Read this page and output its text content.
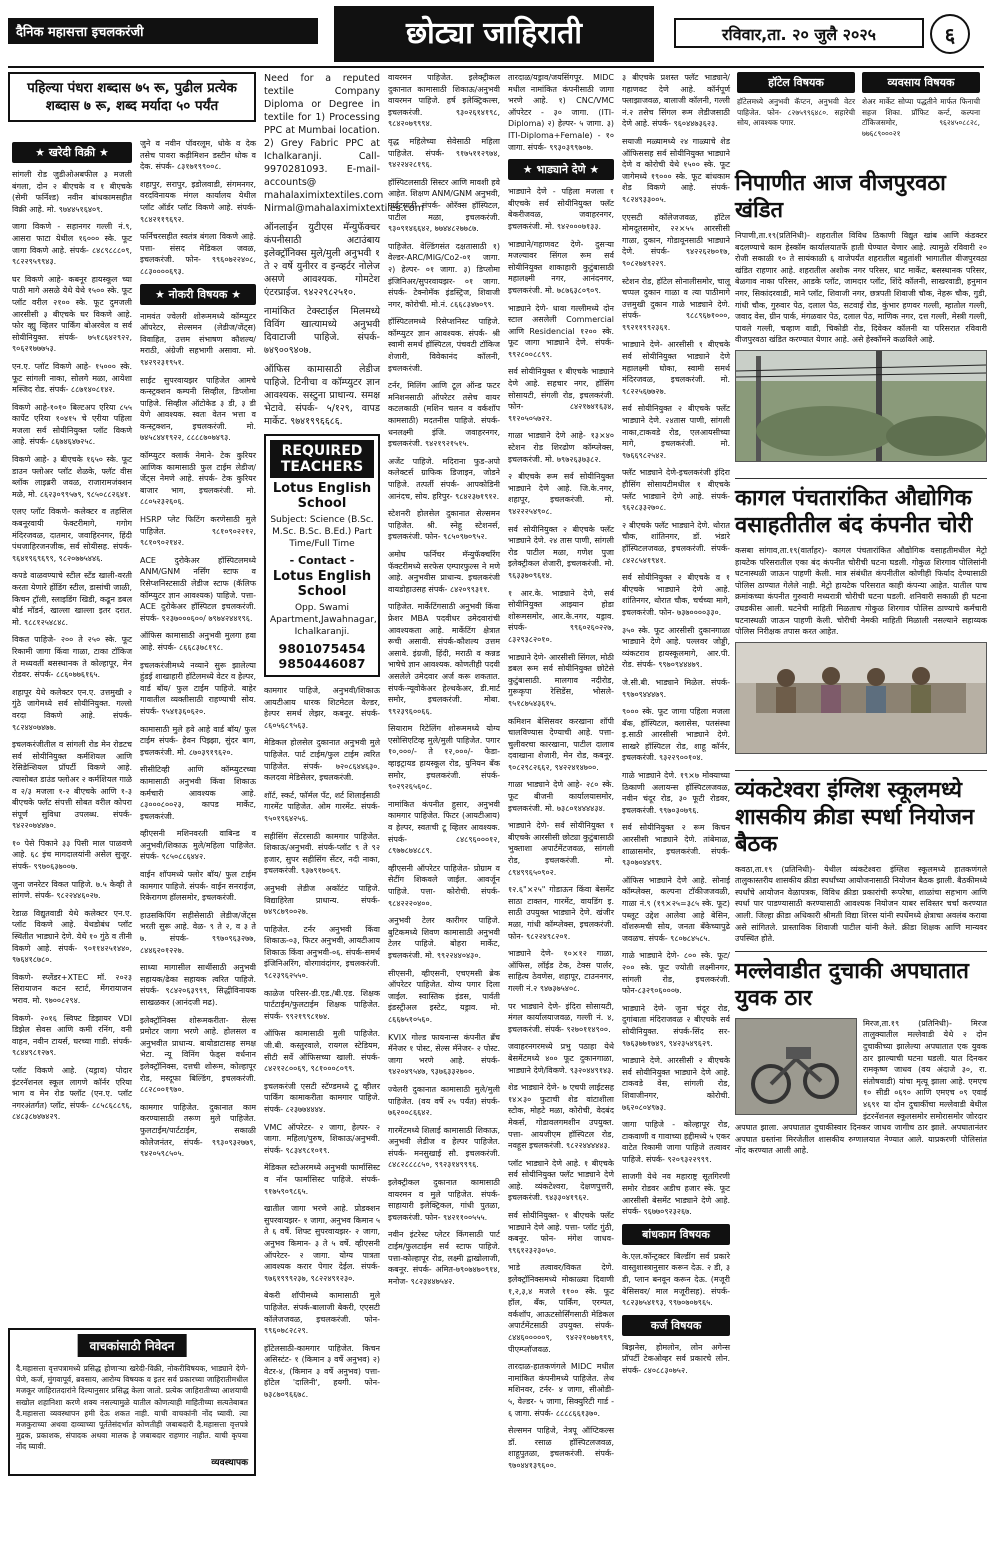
दैनिक महासत्ता इचलकरंजी	छोट्या जाहिराती	रविवार,ता. २० जुलै २०२५	६
★ खरेदी विक्री ★

सांगली रोड जुडीओअबफील ३ मजली बंगला, दोन २ बीएचके व १ बीएचके (सेमी फर्निश्ड) नवीन बांधकामसहीत विक्री आहे. मो. ९७४४५१६४०९.

जागा विकणे - सहानगर गल्ली नं.९, आसरा फाटा येथील १६००० स्के. फूट जागा विकणे आहे. संपर्क- ८४८९८८८०९, ९८२२९५९९४३.

घर विकणे आहे- कबनूर हायस्कूल च्या पाठी मागे असळे येथे येथे १५०० स्के. फूट प्लॉट वरील २१०० स्के. फूट दुमजली आरसीसी ३ बीएचके घर विकणे आहे. फोर व्ह्यु व्हिलर पार्किंग बोअरवेल व सर्व सोयीनियुक्त. संपर्क- ७५१८६४२९२२, ९०६२१७७७५३.

एन.ए. प्लॉट विकणे आहे- १५००० स्के. फूट सांगली नाका, सोलगे मळा, आयेशा मस्जिद रोड. संपर्क- ८८७१४०८१४२.

विकणे आहे-१०१० बिल्टअप एरिया ८५५ कार्पेट एरिया १०४१५ चे एरीया पहिला मजला सर्व सोयीनियुक्त प्लॉट विकणे आहे. संपर्क- ८६७४६४७२५८.

विकणे आहे- ३ बीएचके १६५० स्के. फूट डाउन फ्लोअर प्लॉट शेळके, फ्लॅट वीस ब्लॉक लाइब्ररी जवळ, राजारामजंक्शन मळे, मो. ८६२३०९९५७९, ९८५०८८२६४१.

एलए प्लॉट विकणे- कलेक्टर व तहसिल कबनूरवायी फेक्टरीमागे, गगोग मंदिरजवळ, दातमार, जवाहिरनगर, हिंदी पंथजाहिरजनजीक, सर्व सोयीसह. संपर्क- ९६४१९६९६९९, ९८२०७७५४४६.

कपडे वाळवण्याचे स्टील स्टँड खाली-वरती करता येणारे होंडिंग स्टील, डासांची जाळी, किचन ट्रॉली, स्लाइडिंग खिडी, कढून डबल बोर्ड मॉडर्न, खाल्ला खाल्ला इतर दरात. मो. ९८८१२५४८४८.

विकत पाहिजे- २०० ते २५० स्के. फूट रिकामी जागा किंवा गाळा, टाका टॉकिज ते मध्यवर्ती बसस्थानक ते कोल्हापूर, मेन रोडवर. संपर्क- ८८६०७७६१६५.

शहापूर येथे कलेक्टर एन.ए. उत्तमुखी २ गुंठे जागेमध्ये सर्व सोयीनियुक्त. गल्लो वरदा विकणे आहे. संपर्क- ९८२४४०७४७७.

इचलकरंजीतील व सांगली रोड मेन रोडटच सर्व सोयीनियुक्त कर्मशियल आणि रेसिडेन्शियल प्रॉपर्टी विकणे आहे. त्यासोबत डाउंड फ्लोअर २ कर्मशियल गाळे व २/३ मजला १-२ बीएचके आणि १-३ बीएचके फ्लॅट संपत्ती सोबत वरील कोपरा संपूर्ण सुविधा उपलब्ध. संपर्क- ९४२२०७४४७०.

१० पेसे पिकाने ३३ पिसी माल पाळवणे आहे. ६८ इंच मागदालयांनी असेल सुजूर. संपर्क- ९९७०६३७००७.

जुना जनरेटर विकत पाहिजे. ७.५ केव्ही ते सांगणे. संपर्क- ९८२२४४६०२७.

रेडाळ विद्युतवाडी येथे कलेक्टर एन.ए. प्लॉट विकणे आहे. येथडोबंध प्लॉट स्थितीत भाड्याने देणे. येथे १० गुंठे व तीनी विकणे आहे. संपर्क- ९०११४२५१४४०, ९७६४१८७८०.

विकणे- स्प्लेंडर+XTEC मॉ. २०२३ सिरायाजन कटन स्टार्ट, मेंगरायाजन भराव. मो. ९७००८२९४.

विकणे- २०१६ स्विफ्ट डिझायर VDI डिझेल सेवस आणि कमी रनिंग, वनी वाहन, नवीन टायर्स, घरच्या गाडी. संपर्क- ९८४४९८१२७९.

प्लॉट विकणे आहे. (यड्राव) पोदार इंटरनॅशनल स्कूल लागणे कॉर्नर एरिया भाग व मेन रोड फ्लॉट (एन.ए. प्लॉट नगरअंतर्गत) प्लॉट, संपर्क- ८८५८६८८९६, ८४८३८७४७४२९.

पहिल्या पंधरा शब्दास ७५ रू, पुढील प्रत्येक शब्दास ७ रू, शब्द मर्यादा ५० पर्यंत

जुने व नवीन पॉवरलूम, धोके व देक तसेच पावरा कड़ीमिशन डस्टीन धोक व देक. संपर्क- ८३१७१९९००८.

शहापुर, सरापुर, इडोलवाडी, संगमनगर, वरदविनायक मंगल कार्यालय येथील प्लॉट ऑर्डर प्लॉट विकणे आहे. संपर्क- ९८४२११९६९२.

फर्निचरसहीत स्वतंत्र बंगला विकणे आहे. पत्ता- संसद मेडिकल जवळ, इचलकरंजी. फोन- ९९६०७२२४०८, ८८३००००६९३.

★ नोकरी विषयक ★

नामवंत ज्वेलरी शोरूममध्ये कॉम्प्युटर ऑपरेटर, सेल्समन (लेडीज/जेंट्स) विवाहित, उत्तम संभाषण कौशल्य/ मराठी, अंग्रेजी सहभागी असावा. मो. ९४२९२३१९५१.

साईट सुपरवायझर पाहिजेत आमचे कन्स्ट्रक्शन कम्पनी सिव्हील, डिप्लोमा पाहिजे. सिव्हील ऑटोकेड ३ डी, ३ डी येणे आवश्यक. स्वतः वेतन भत्ता व कन्स्ट्रक्शन, इचलकरंजी. मो. ७४५८४४१९२२, ८८८८७०७४९३.

कॉम्प्युटर क्लार्क नेमाने- टेक कुरियर आणिक कामासाठी फुल टाईम लेडीज/जेंट्स नेमणे आहे. संपर्क- टेक कुरियर बाजार भाग, इचलकरंजी. मो. ८८०५२३२६०६.

HSRP प्लेट फिटिंग करणेसाठी मुले पाहिजेत. ९८१०९०२२१२, ९८१०९०२१४२.

ACE दुरोकेअर हॉस्पिटलमध्ये ANM/GNM नर्सिंग स्टाफ व रिसेप्शनिस्टसाठी लेडीज स्टाफ (कॅलिफ कॉम्प्युटर ज्ञान आवश्यक) पाहिजे. पत्ता- ACE दुरोकेअर हॉस्पिटल इचलकरंजी. संपर्क- ९२३७०००६००/ ७९७४२४४१९६.

ऑफिस कामासाठी अनुभवी मुलगा हवा आहे. संपर्क- ८६६८३७८१९८.

इचलकरंजीमध्ये नव्याने सुरू झालेल्या हुंडई शाखाहारी हॉटेलमध्ये वेटर व हेल्पर, वार्ड बॉय/ फुल टाईम पाहिजे. बाहेर गावातील व्यक्तीसाठी राहण्याची सोय. संपर्क- ९५४१३६०६२०.

कामासाठी मुले हवे आहे वार्ड बॉय/ फुल टाईम संपर्क- हेवन पिझ्झा, सुंदर बाग, इचलकरंजी. मो. ८७०३९१९६२०.

सीसीटिव्ही आणि कॉम्प्युटरच्या कामासाठी अनुभवी किंवा शिकाऊ कर्मचारी आवश्यक आहे. ८३०००८००२३, कापड मार्केट, इचलकरंजी.

व्हीएसनी मशिनवरती वाबिन्ड व अनुभवी/शिकाऊ मुले/महिला पाहिजेत. संपर्क- ९८५०८८६४४२.

वाईन शॉपमध्ये फ्लोर बॉय/ फुल टाईम कामगार पाहिजे. संपर्क- वाईन सनराईज, रिकेरागण हॉलसमोर, इचलकरंजी.

हाउसकिपिंग सहीसेसाठी लेडीज/जेंट्स भरती सुरू आहे. वेळ- ९ ते २, व ३ ते ७. संपर्क- ९९७०९६३२७७, ८४४६२०१२२७.

साध्या मागासील साथींसाठी अनुभवी सहायक/ढेका सहायक त्वरित पाहिजे. संपर्क- ९८४२०६३९९९, सिद्धीविनायक साखळकर (आनंदजी मढ).

इलेक्ट्रॉनिक्स शोरूमकरीता- सेल्स प्रमोटर जागा भरणे आहे. होलसल व अनुभवीत प्राधान्य. बायोडाटासह समक्ष भेटा. न्यू विनिंग फेड्स वर्धनान इलेक्ट्रॉनिक्स, दत्तची शोरूम, कोल्हापूर रोड, मस्दूफा बिल्डिंग, इचलकरंजी. ८८२८००१९७०.

कामगार पाहिजेत. दुकानात काम करण्यासाठी तरूण मुले पाहिजेत. फुलटाईम/पार्टटाईम, सकाळी कोलेजनंतर, संपर्क- ९९३०९३२७७९, ९४२०५९८५०५.

Need for a reputed textile Company Diploma or Degree in textile for 1) Processing PPC at Mumbai location. 2) Grey Fabric PPC at Ichalkaranji. Call- 9970281093. E-mail- accounts@ mahalaximixtextiles.com Nirmal@mahalaximixtextiles.com

ऑनलाईन युटीएस मॅन्युफॅक्चर कंपनीसाठी अटाउंबाय इलेक्ट्रॉनिक्स मुले/मुली अनुभवी १ ते २ वर्षे युनीरर व इन्व्हर्टर नोलेज असणे आवश्यक. गोमटेश एंटरप्राईज. ९४२२९८२५१०.

नामांकित टेक्स्टाईल मिलमध्ये विविंग खात्यामध्ये अनुभवी दिवाटाजी पाहिजे. संपर्क- ७४९००९४०७.

ऑफिस कामासाठी लेडीज पाहिजे. टिनीचा व कॉम्प्युटर ज्ञान आवश्यक. सस्टुना प्राधान्य. समक्ष भेटावे. संपर्क- ५/१२९, वापड मार्केट. ९७४१९९६६८६.

REQUIRED TEACHERS
Lotus English School
Subject: Science (B.Sc. M.Sc. B.Sc. B.Ed.) Part Time/Full Time
- Contact -
Lotus English School
Opp. Swami Apartment,Jawahnagar, Ichalkaranji.
9801075454
9850446087

कामगार पाहिजे, अनुभवी/शिकाऊ आयटीआय धारक शिटमेटल वेल्डर, हेल्पर समर्थ लेझर, कबनूर. संपर्क- ८६०५६८९५६३.

मेडिकल होलसेल दुकानात अनुभवी मुले पाहिजेत. पार्ट टाईम/फुल टाईम त्वरित पाहिजेत. संपर्क- ७२०८६४४६३०. कलदवा मेडिसेलर, इचलकरंजी.

शॉर्ट, स्कर्ट, फॉर्मल पँट, शर्ट शिलाईसाठी गारमेंट पाहिजेत. ओम गारमेंट. संपर्क- ९५०१९६४२५६.

सहीसिंग सेंटरसाठी कामगार पाहिजेत. शिकाऊ/अनुभवी. संपर्क-प्लॉट ९ ते ९२ हजार, सुपर सहीसिंग सेंटर, नदी नाका, इचलकरंजी. ९३७९१७०६९.

अनुभवी लेडीज अकॉटंट पाहिजे. विद्याहिरेता प्राधान्य. संपर्क- ७४९८७९००२७.

पाहिजेत. टर्नर अनुभवी किंवा शिकाऊ-०३, फिटर अनुभवी, आयटीआय शिकाऊ किंवा अनुभवी-०६. संपर्क-समर्थ इंजिनिअरिंग, वोरगावंदांगर, इचलकरंजी. ९८२३९६२५५०.

काळेज परिसर-डी.एड./बी.एड. शिक्षक पार्टटाईम/फुलटाईम शिक्षक पाहिजेत. संपर्क- ९९२१९९८१७४.

ऑफिस कामासाठी मुली पाहिजेत. जी.बी. कस्तुरवाले, रायगल स्टेडियम, सीटी सर्वे ऑफिसच्या खाली. संपर्क- ८४२१२८००६९, ९८१०००८०९९.

इचलकरंजी एसटी स्टॅण्डमध्ये टू व्हीलर पार्किंग कामाकरीता कामगार पाहिजे. संपर्क- ८२३७७४४४४.

VMC ऑपरेटर- २ जागा, हेल्पर- २ जागा. महिला/पुरुष, शिकाऊ/अनुभवी. संपर्क- ९८३४९८१०१९.

मेडिकल स्टोअरमध्ये अनुभवी फार्मासिस्ट व नॉन फार्मासिस्ट पाहिजे. संपर्क- ९१७५९०९८६५.

खातील जागा भरणे आहे. प्रोडक्शन सुपरवायझर- १ जागा, अनुभव किमान ५ ते ६ वर्षे. शिफ्ट सुपरवायझर- २ जागा, अनुभव किमान- ३ ते ५ वर्षे. व्हीएसनी ऑपरेटर- २ जागा. योग्य पात्रता आवश्यक करार पेगार देईल. संपर्क- ९७६१९९९२३७, ९८२२४९१२३०.

बेकरी शॉपीमध्ये कामासाठी मुले पाहिजेत. संपर्क-बालाजी बेकरी, एएसटी कॉलेजजवळ, इचलकरंजी. फोन- ९९६०७८२८२९.

हॉटेलसाठी-कामगार पाहिजेत. किचन असिस्टंट- १ (किमान ३ वर्षे अनुभव) २) वेटर-४, (किमान ३ वर्षे अनुभव) पत्ता-हॉटेल 'दालिनी', हयगी. फोन- ७३८७०९६६७८.

वायरमन पाहिजेत. इलेक्ट्रीकल दुकानात कामासाठी शिकाऊ/अनुभवी वायरमन पाहिजे. हर्ष इलेक्ट्रिकल्स, इचलकरंजी. ९३०२६१४१९८, ९८४२०७९९९४.

वृद्ध महिलेच्या सेवेसाठी महिला पाहिजेत. संपर्क- ९१७५११२९७४, ९४२२४२८१९६.

हॉस्पिटलसाठी सिस्टर आणि मावशी हवे आहेत. शिक्षण ANM/GNM अनुभवी, नाईटसाठी संपर्क- ओरॅक्स हॉस्पिटल, पाटील मळा, इचलकरंजी. ९३०९१४६६४२, ७७४४८२७७८७.

पाहिजेत. वेल्डिंगसंत दक्षतासाठी १) वेल्डर-ARC/MIG/Co2-०१ जागा. २) हेल्पर- ०१ जागा. ३) डिप्लोमा इंजिनिअर/सुपरवायझर- ०१ जागा. संपर्क- टेक्नोमॅक इंडस्ट्रिज, शिवाजी नगर, कोरोची. मो.नं. ८६६८३४७०९९.

हॉस्पिटलमध्ये रिसेप्शनिस्ट पाहिजे. कॉम्प्युटर ज्ञान आवश्यक. संपर्क- श्री स्वामी समर्थ हॉस्पिटल, पंचवटी टॉकिज शेजारी, विवेकानंद कॉलनी, इचलकरंजी.

टर्नर, मिलिंग आणि टूल ऑन्ड फटर मनिशनसाठी ऑपरेटर तसेच वायर कटलकाठी (मशिन चलन व वर्कशॉप कामसाठी) मदतनीस पाहिजे. संपर्क-धनलक्ष्मी इंजि. जवाहरनगर, इचलकरंजी. ९४२१९२१५१५.

अजेंट पाहिजे. मदिराना फुड-अपो कलेक्टर्स ग्राफिक डिजाइन, जोडने पाहिजे. तत्पर्ती संपर्क- आपकोडिनी आनंदच, सोय. हरिपुर- ९८४२३७१९१२.

स्टेशनरी होलसेल दुकानात सेल्समन पाहिजेत. श्री. स्नेहू स्टेशनर्स, इचलकरंजी. फोन- ९८५०९७०९५२.

अमोघ फर्निचर मॅन्युफॅक्चरिंग फॅक्टरीमध्ये सरफेस एम्पारफुल्स ने मणे आहे. अनुभवीस प्राधान्य. इचलकरंजी वायडोहाउसह संपर्क- ८४२०९९३११.

पाहिजेत. मार्केटिंगसाठी अनुभवी किंवा फ्रेशर MBA पदवीधर उमेदवारांची आवश्यकता आहे. मार्केटिंग क्षेत्रात रूची असावी. संपर्क-कौशल्य उत्तम असावे. इंग्रजी, हिंदी, मराठी व कन्नड भाषेचे ज्ञान आवश्यक. कोणतीही पदवी असलेले उमेदवार अर्ज करू शकतात. संपर्क-न्यूवोकेअर हेल्थकेअर, डी.मार्ट समोर, इचलकरंजी. मोबा. ९९२३९६००६६.

सियाराम रिटेलिंग शोरूममध्ये योग्य एसोसिएटिव्ह मुले/मुली पाहिजेत. पगार १०,०००/- ते १२,०००/- फेडा- व्हाइट्रायड हायस्कूल रोड, युनियन बँक समोर, इचलकरंजी. संपर्क- ९०२९२६५६०८.

नामांकित कंपनीत हुसार, अनुभवी कामगार पाहिजेत. फिटर (आयटीआय) व हेल्पर, स्वतःची टू व्हिलर आवश्यक. संपर्क- ८४८९६०००१२, ८९७७८७४८८९.

व्हीएसनी ऑपरेटर पाहिजेत- प्रोग्राम व सेटींग शिकवले जाईल. आवर्जून पाहिजे. पत्ता- कोरोची. संपर्क- ९८४२२२०४००.

अनुभवी टेलर कारीगर पाहिजे. बुटिकमध्ये शिवण कामासाठी अनुभवी टेलर पाहिजे. बोहरा मार्केट, इचलकरंजी. मो. ९९२२४४०४३०.

सीएसनी, व्हीएसनी, एचएमसी ब्रेक ऑपरेटर पाहिजेत. योग्य पगार दिला जाईल. स्वास्तिक इंडस, पार्वती इंडस्ट्रीअल इस्टेट, यड्राव. मो. ८६६७५१०५६०.

KVIX गोल्ड फायनान्स कंपनीत ब्रँच मॅनेजर १ पोस्ट, सेल्स मॅनेजर- २ पोस्ट. जागा भरणे आहे. संपर्क- ९४२०४९५४७, ९३७६३३२७००.

ज्वेलरी दुकानात कामासाठी मुले/मुली पाहिजेत. (वय वर्षे २५ पर्यंत) संपर्क- ७६२००८६६४२.

गारमेंटमध्ये शिलाई कामासाठी शिकाऊ, अनुभवी लेडीज व हेल्पर पाहिजेत. संपर्क- मनसुखाई सौ. इचलकरंजी. ८४८२८८८८५०, ९९२३१४९९९६.

इलेक्ट्रीकल दुकानात कामासाठी वायरमन व मुले पाहिजेत. संपर्क- साहायारी इलेक्ट्रिकल, गांधी पुतळा, इचलकरंजी. फोन- ९४२११००५५५.

नवीन इंटरेस्ट प्लेटर किंगसाठी पार्ट टाईम/फुलटाईम सर्व स्टाफ पाहिजे. पत्ता-कोल्हापूर रोड, लक्ष्मी द्वाखोलाजी, कबनूर. संपर्क- अमित-७९०७४७०९१४, मनोज- ९८२३४४७५४२.

तारदाळ/यड्राव/जयसिंगपूर. MIDC मधील नामांकित कंपनीसाठी जागा भरणे आहे. १) CNC/VMC ऑपरेटर - ३० जागा. (ITI-Diploma) २) हेल्पर- ५ जागा. ३) ITI-Diploma+Female) - १० जागा. संपर्क- ९९३०३९९७०७.

★ भाड्याने देणे ★

भाड्याने देणे - पहिला मजला १ बीएचके सर्व सोयीनियुक्त फ्लॅट बेकरीजवळ, जवाहरनगर, इचलकरंजी. मो. ९४२०००७१३३.

भाड्याने/गहाणवट देणे- दुसऱ्या मजल्यावर सिंगल रूम सर्व सोयीनियुक्त शाकाहारी कुटुंबासाठी महालक्ष्मी नगर, आनंदनगर, इचलकरंजी. मो. ७८७६३८०९०९.

भाड्याने देणे- धावा गल्लीमध्ये दोन स्टाल असलेली Commercial आणि Residencial १२०० स्के. फूट जागा भाड्याने देणे. संपर्क- ९९२८००८८९९.

सर्व सोयीनियुक्त १ बीएचके भाड्याने देणे आहे. सहचार नगर, हॉसिंग सोसायटी, संगली रोड, इचलकरंजी. फोन- ८४२१७४१६३४, ९१२०५०५७२२.

गाळा भाड्याने देणे आहे- १३×४० स्टेशन रोड शिरढोण कॉम्प्लेक्स, इचलकरंजी. मो. ७९७२६३७३८२.

२ बीएचके रूम सर्व सोयीनियुक्त भाड्याने देणे आहे. जि.के.नगर, शहापूर, इचलकरंजी. मो. ९४२२२५४९०८.

सर्व सोयीनियुक्त २ बीएचके फ्लॅट भाड्याने देणे. २४ तास पाणी, सांगली रोड पाटील मळा, गणेश पुजा इलेक्ट्रीकल शेजारी, इचलकरंजी. मो. ९६३३७०९६१४.

१ आर.के. भाड्याने देणे, सर्व सोयीनियुक्त आझ्यान होडा शोरूमसमोर, आर.के.नगर, यड्राव. संपर्क- ९९६०२६०२२७, ८३२९३८२०१०.

भाड्याने देणे- आरसीसी सिंगल, मोठी डबल रूम सर्व सोयीनियुक्त छोटेसे कुटुंबासाठी. मालगाव नदीरोड, गुरूकृपा रेसिडेंस, भोसले- ९५१८७५४३६१५.

कमिशन बेसिसवर करखाना शॉपी चालविण्यास देण्याची आहे. पत्ता-चुलीवरचा कारखाना, पाटील दालाव दवाखाना शेजारी, मेन रोड, कबनूर. ९०८२९८२६६२, ९४२२४१४७००.

गाळा भाड्याने देणे आहे- २८० स्के. फूट बीजनी कार्यालयासमोर, इचलकरंजी. मो. ७३८०१४४४४३४.

भाड्याने देणे- सर्व सोयीनियुक्त १ बीएचके आरसीसी छोट्या कुटुंबासाठी भुक्ताशा अपार्टमेंटजवळ, सांगली रोड, इचलकरंजी. मो. ८९४९९६५०९०२.

१२.६"×२५" गोडाऊन किंवा बेसमेंट साठा टाक्तन, गारमेंट, वायडिंग इ. साठी उपयुक्त भाड्याने देणे. खंजीर मळा, गांधी कॉम्प्लेक्स, इचलकरंजी. फोन- ९८२२४९८२०१.

भाड्याने देणे- १०×१२ गाळा, ऑफिस, लॉईड टेक, टेक्स पार्लर, साहित्य ठेवणेस, शहापूर, टाउननगर, गल्ली नं.२ ९४७३७५४०८.

पर भाड्याने देणे- इंदिरा सोसायटी, मंगल कार्यालयाजवळ, गल्ली नं. ४, इचलकरंजी. संपर्क- ९२७०११४९००.

जवाहरनगरमध्ये प्रभु पठाहा येथे बेसमेंटमध्ये ४०० फूट दुकानगाळा, भाड्याने देणे/विकणे. ९३२०४४९१४३.

शेड भाड्याने देणे- ७ एचपी लाईटसह १४×३० फुटाची शेड वांटाशीला स्टोक, मोहटे मळा, कोरोची, वेदबंद मेकर्स, गोडावलगमशीन उपयुक्त. पत्ता- आयजीएम हॉस्पिटल रोड, नवहूस इचलकरंजी. ९८२२४४४४४३.

प्लॉट भाड्याने देणे आहे. १ बीएचके सर्व सोयीनियुक्त फ्लॅट भाड्याने देणे आहे. व्यंकटेश्वरा, देक्षणपुत्तरी, इचलकरंजी. ९४३३०४१९६२.

सर्व सोयीनियुक्त- १ बीएचके फ्लॅट भाड्याने देणे आहे. पत्ता- प्लॉट गुंठी, कबनूर. फोन- मंगेश जाधव- ९९६१२३२३०५०.

भाडे तत्वावर/विकत देणे. इलेक्ट्रॉनिक्समध्ये मोकाळ्या दिवाणी १,२,३,४ मजले ११०० स्के. फूट हॉल, बँक, पार्किंग, एरम्पत, वर्कशॉप, आऊटसोर्सिंगसाठी मेडिकल अपार्टमेंटसाठी उपयुक्त. संपर्क- ८४४६०००००९, ९४२२१०७७९९९, पीएम्प्लॉजवळ.

तारदाळ-हातकणंगले MIDC मधील नामांकित कंपनीमध्ये पाहिजेत. लेथ मशिनवर, टर्नर- ४ जागा, सीओडी- ५, वेल्डर- ५ जागा, सिक्युरिटी गार्ड - ६ जागा. संपर्क- ८८८८६६१३७०.

सेल्समन पाहिजे, नेत्रपू ऑप्टिकल्स डॉ. रसाळ हॉस्पिटलजवळ, शाहूपुतळा, इचलकरंजी. संपर्क- ९७०४४१३९६००.

३ बीएचके प्रशस्त फ्लॅट भाड्याने/गहाणवट देणे आहे. कॉर्नपूर्ण फ्लाझाजवळ, बालाजी कॉलनी, गल्ली नं.२ तसेच सिंगल रूम लेडीजसाठी देणे आहे. संपर्क- ९६०४४७३६२३.

सयाजी मळ्यामध्ये २४ गाळ्याचे शेड ऑफिससह सर्व सोयीनियुक्त भाड्याने देणे व कोरोची येथे १५०० स्के. फूट जागेमध्ये १९००० स्के. फूट बांधकाम शेड विकणे आहे. संपर्क- ९८२४९३३००५.

एएसटी कॉलेजजवळ, हॉटेल मोमदूतसमोर, २२×५५ आरसीसी गाळा, दुकान, गोडावूनसाठी भाड्याने देणे. संपर्क- ९४२२६२७०१७, ९०८२७४९२२९.

स्टेशन रोड, हॉटेल सोनालीसमोर, चालू चप्पल दुकान गाळा व त्या पाठीमागे उत्तमुखी दुकान गाळे भाड्याने देणे. संपर्क- ९८८९६७१०००, ९९२११९९२३६१.

भाड्याने देणे- आरसीसी १ बीएचके सर्व सोयीनियुक्त भाड्याने देणे महालक्ष्मी घोका, स्वामी समर्थ मंदिरजवळ, इचलकरंजी. मो. ९८२२५६७७२७.

सर्व सोयीनियुक्त २ बीएचके फ्लॅट भाड्याने देणे. २४तास पाणी, सांगली नाका,टाकवडे रोड, एलआयसीच्या मागे, इचलकरंजी. मो. ९७६६९८२५४२.

फ्लॅट भाड्याने देणे-इचलकरंजी इंदिरा हौसिंग सोसायटीमधील १ बीएचके फ्लॅट भाड्याने देणे आहे. संपर्क- ९६२८३३२७०८.

२ बीएचके फ्लॅट भाड्याने देणे. थोरात चौक, शांतिनगर, डॉ. भंडारे हॉस्पिटलजवळ, इचलकरंजी. संपर्क- ८४२८५४१९४१.

सर्व सोयीनियुक्त २ बीएचके व १ बीएचके भाड्याने देणे आहे. शांतिनगर, थोरात चौक, चर्चच्या मागे, इचलकरंजी. फोन- ७३७००००३३०.

३५० स्के. फूट आरसीसी दुकानगाळा भाड्याने देणे आहे. पल्लवर जोड्डी, व्यंकटराव हायस्कूलमागे, आर.पी. रोड. संपर्क- ९९७०९४४४७९.

जे.सी.बी. भाड्याने मिळेल. संपर्क- ९९७०९४४४७९.

९००० स्के. फूट जागा पहिला मजला बँक, हॉस्पिटल, क्लासेस, पतसंस्था इ.साठी आरसीसी भाड्याने देणे. साखरे हॉस्पिटल रोड, शाहू कॉर्नर, इचलकरंजी. ९३२२९००१०४.

गाळे भाड्याने देणे. १९×७ मोक्याच्या ठिकाणी अलायन्स हॉस्पिटलजवळ, नवीन चंदूर रोड, ३० फूटी रोडवर, इचलकरंजी. ९९७०३०७९६.

सर्व सोयीनियुक्त २ रूम किचन आरसीसी भाड्याने देणे. तांबेमाळ, शाळासमोर, इचलकरंजी. संपर्क- ९३०७०४४९९.

ऑफिस भाड्याने देणे आहे. सोनाई कॉम्प्लेक्स, कल्पना टॉकीजजवळी, गाळा नं.९ (१९×२५=३८५ स्के. फूट) पब्लूट उद्देश आलेवा आहे बेसिन, वॉशरूमची सोय, जनता बँकेच्यापुढे जवळच. संपर्क- ९८०७८४५८५.

गाळे भाड्याने देणे- ८०० स्के. फूट/२०० स्के. फूट ज्योती लक्ष्मीनगर, सांगली रोड, इचलकरंजी. फोन-८३२९०६०००७.

भाड्याने देणे- जुना चंदूर रोड, दुगांबाता मंदिराजवळ २ बीएचके सर्व सोयीनियुक्त. संपर्क-सिंद सर- ९७६३७७१७४९, ९४२३५४९६२९.

भाड्याने देणे. आरसीसी २ बीएचके सर्व सोयीनियुक्त भाड्याने देणे आहे. टाकवडे वेस, सांगली रोड, शिवाजीनगर, कोरोची. ७६२०८०४९७३.

जागा पाहिजे - कोल्हापूर रोड, टाकवाणी व गावाच्या हद्दीमध्ये ५ एकर वाटेत रिकामी जागा पाहिजे तत्वावर पाहिजे. संपर्क- ९२०९३२२९९९.

साजगी येथे नव महाराष्ट्र सूतगिरणी समोर रोडवर अडीच हजार स्के. फूट आरसीसी बेसमेंट भाड्याने देणे आहे. संपर्क- ९६७७०९२३२६७.

बांधकाम विषयक

के.एल.कॉन्ट्रक्टर बिल्डींग सर्व प्रकारे वास्तुशास्त्रानुसार करून देऊ. २ डी, ३ डी, प्लान बनवून करून देऊ. (मजूरी बेसिसवर/ माल मजूरीसह). संपर्क- ९८२३७५४१९३, ९९७०७०७९६५.

कर्ज विषयक

बिझनेस, होमलोन, लोन अगेन्स प्रॉपर्टी टेकओव्हर सर्व प्रकारचे लोन. संपर्क- ८४०८८३०७५२.

हॉटेल विषयक

हॉटेलमध्ये अनुभवी कॅप्टन, अनुभवी वेटर पाहिजेत. फोन- ८२७५९९६४८०. सहारेची सोय, आवश्यक पगार.

व्यवसाय विषयक

शेअर मार्केट सोप्या पद्धतीने मार्फत फिनाची सहज शिका. प्रॉफिट कर्न्ट, कल्पना टॉकिजसमोर, ९६२४५०८८२८, ७७६८९०००२१

निपाणीत आज वीजपुरवठा खंडित

निपाणी,ता.१९(प्रतिनिधी)- शहरातील विविध ठिकाणी विद्युत खांब आणि कंडक्टर बदलण्याचे काम हेस्कॉम कार्यालयातर्फे हाती घेण्यात येणार आहे. त्यामुळे रविवारी २० रोजी सकाळी १० ते सायंकाळी ६ वाजेपर्यंत शहरातील बहुतांशी भागातील वीजपुरवठा खंडित राहणार आहे. शहरातील अशोक नगर परिसर, धाट मार्केट, बसस्थानक परिसर, बेळगाव नाका परिसर, आडके प्लॉट, जामदार प्लॉट, शिंदे कॉलनी, साखरवाडी, हनुमान नगर, सिकांदरवाडी, माने प्लॉट, शिवाजी नगर, छत्रपती शिवाजी चौक, नेहरू चौक, गुडी, गांधी चौक, गुरुवार पेठ, दलाल पेठ, सटवाई रोड, कुंभार हणवर गल्ली, म्हातोल गल्ली, जवाद वेस, ग्रीन पार्क, मंगळवार पेठ, दलाल पेठ, माणिक नगर, दत्त गल्ली, मेस्त्री गल्ली, पावले गल्ली, चव्हाण वाडी, चिकोडी रोड, दिवेकर कॉलनी या परिसरात रविवारी वीजपुरवठा खंडित करण्यात येणार आहे. असे हेस्कॉमने कळविले आहे.

कागल पंचतारांकित औद्योगिक वसाहतीतील बंद कंपनीत चोरी

कसबा सांगाव,ता.१९(वार्ताहर)- कागल पंचतारांकित औद्योगिक वसाहतीमधील मेट्रो हायटेक परिसरातील एका बंद कंपनीत चोरीची घटना घडली. गोकुळ शिरगाव पोलिसांनी घटनास्थळी जाऊन पाहणी केली. मात्र संबंधीत कंपनीतील कोणीही फिर्याद देण्यासाठी पोलिस ठाण्यात गेलेले नाही. मेट्रो हायटेक परिसरात काही कंपन्या आहेत. यातील पाच क्रमांकच्या कंपनीत गुरुवारी मध्यरात्री चोरीची घटना घडली. शनिवारी सकाळी ही घटना उघडकीस आली. घटनेची माहिती मिळताच गोकुळ शिरगाव पोलिस ठाण्याचे कर्मचारी घटनास्थळी जाऊन पाहणी केली. चोरीची नेमकी माहिती मिळाली नसल्याने सहाय्यक पोलिस निरीक्षक तपास करत आहेत.

व्यंकटेश्वरा इंग्लिश स्कूलमध्ये शासकीय क्रीडा स्पर्धा नियोजन बैठक

कवठा,ता.१९ (प्रतिनिधी)- येथील व्यंकटेश्वरा इंग्लिश स्कूलमध्ये हातकणंगले तालुकास्तरीय शासकीय क्रीडा स्पर्धांच्या आयोजनासाठी नियोजन बैठक झाली. बैठकीमध्ये स्पर्धांचे आयोजन वेळापत्रक, विविध क्रीडा प्रकारांची रूपरेषा, शाळांचा सहभाग आणि स्पर्धा पार पाडण्यासाठी करण्यासाठी आवश्यक नियोजन याबर सविस्तर चर्चा करण्यात आली. जिल्हा क्रीडा अधिकारी श्रीमती विद्या शिरस यांनी स्पर्धेमध्ये क्षेत्राचा अवलंब करावा असे सांगितले. प्रास्ताविक शिवाजी पाटील यांनी केले. क्रीडा शिक्षक आणि मान्यवर उपस्थित होते.

मल्लेवाडीत दुचाकी अपघातात युवक ठार

मिरज,ता.१९ (प्रतिनिधी)- मिरज तालुक्यातील मल्लेवाडी येथे २ दोन दुचाकीच्या झालेल्या अपघातात एक युवक ठार झाल्याची घटना घडली. यात दिनकर रामकृष्ण जाधव (वय अंदाजे ३०, रा. संतोषवाडी) यांचा मृत्यू झाला आहे. एमएच १० सीडी ०६९० आणि एमएच ०९ एवाई ४६९१ या दोन दुचाकींचा मल्लेवाडी बेथील इंटरनॅशनल स्कूलसमोर समोरासमोर जोरदार अपघात झाला. अपघातात दुचाकीस्वार दिनकर जाधव जागीच ठार झाले. अपघातानंतर अपघात ग्रस्तांना मिरजेतील शासकीय रुग्णालयात नेण्यात आले. याप्रकरणी पोलिसांत नोंद करण्यात आली आहे.

वाचकांसाठी निवेदन

दै.महासत्ता वृत्तपत्रामध्ये प्रसिद्ध होणाऱ्या खरेदी-विक्री, नोकरीविषयक, भाड्याने देणे-घेणे, कर्ज, मुंगवापूर्व, ब्रवसाय, आरोग्य विषयक व इतर सर्व प्रकारच्या जाहिरातीमधील मजकूर जाहिरातदारांने दिल्यानुसार प्रसिद्ध केला जातो. प्रत्येक जाहिरातीच्या आशयाची सखोल शहानिशा करणे शक्य नसल्यामुळे यातील कोणत्याही माहितीच्या सत्यतेबाबत दै.महासत्ता व्यवस्थापन हमी देऊ शकत नाही. याची वाचकांनी नोंद घ्यावी. त्या मजकुराच्या अथवा दाव्याच्या पूर्ततेसंदर्भात कोणतीही जबाबदारी दै.महासत्ता वृत्तपत्रे मुद्रक, प्रकाशक, संपादक अथवा मालक हे जबाबदार राहणार नाहीत. याची कृपया नोंद घ्यावी.

व्यवस्थापक
